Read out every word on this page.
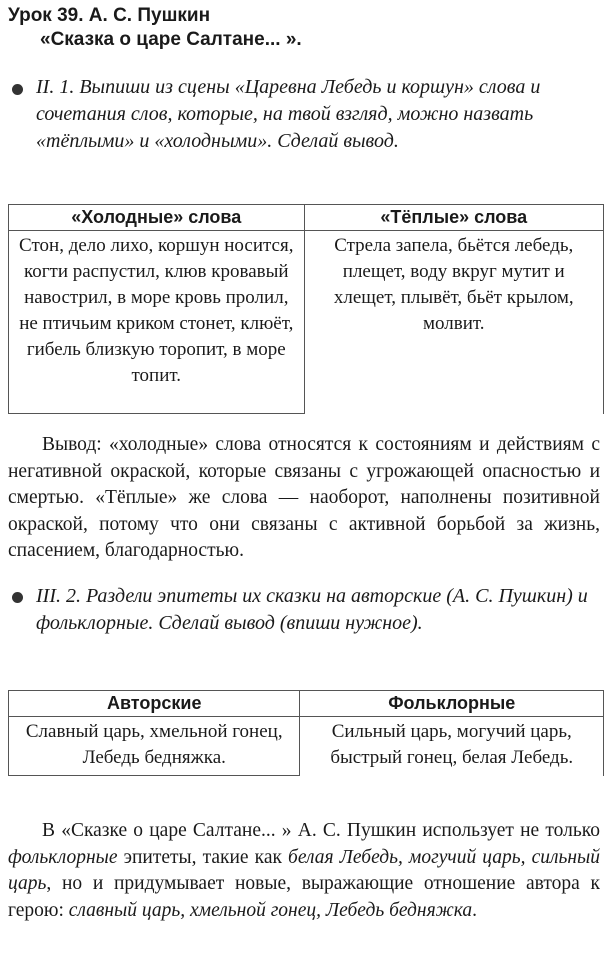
Урок 39. А. С. Пушкин
«Сказка о царе Салтане... ».
II. 1. Выпиши из сцены «Царевна Лебедь и коршун» слова и сочетания слов, которые, на твой взгляд, можно назвать «тёплыми» и «холодными». Сделай вывод.
«Холодные» слова	«Тёплые» слова
Стон, дело лихо, коршун носится, когти распустил, клюв кровавый навострил, в море кровь пролил, не птичьим криком стонет, клюёт, гибель близкую торопит, в море топит.	Стрела запела, бьётся лебедь, плещет, воду вкруг мутит и хлещет, плывёт, бьёт крылом, молвит.
Вывод: «холодные» слова относятся к состояниям и действиям с негативной окраской, которые связаны с угрожающей опасностью и смертью. «Тёплые» же слова — наоборот, наполнены позитивной окраской, потому что они связаны с активной борьбой за жизнь, спасением, благодарностью.
III. 2. Раздели эпитеты их сказки на авторские (А. С. Пушкин) и фольклорные. Сделай вывод (впиши нужное).
Авторские	Фольклорные
Славный царь, хмельной гонец, Лебедь бедняжка.	Сильный царь, могучий царь, быстрый гонец, белая Лебедь.
В «Сказке о царе Салтане... » А. С. Пушкин использует не только фольклорные эпитеты, такие как белая Лебедь, могучий царь, сильный царь, но и придумывает новые, выражающие отношение автора к герою: славный царь, хмельной гонец, Лебедь бедняжка.
